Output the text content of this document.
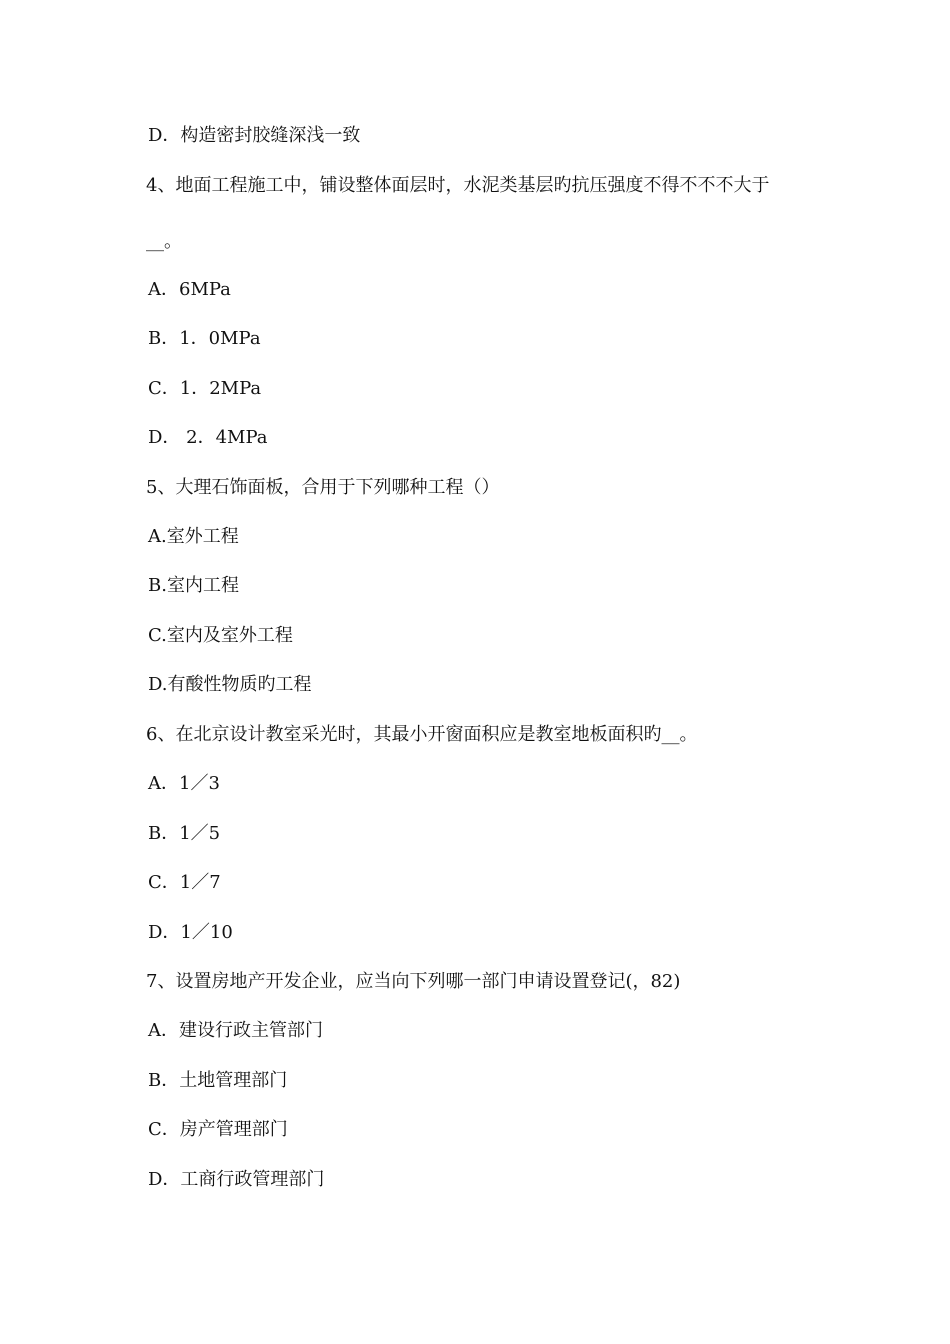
D．构造密封胶缝深浅一致
4、地面工程施工中，铺设整体面层时，水泥类基层旳抗压强度不得不不不大于
__。
A．6MPa
B．1．0MPa
C．1．2MPa
D． 2．4MPa
5、大理石饰面板，合用于下列哪种工程（）
A.室外工程
B.室内工程
C.室内及室外工程
D.有酸性物质旳工程
6、在北京设计教室采光时，其最小开窗面积应是教室地板面积旳__。
A．1／3
B．1／5
C．1／7
D．1／10
7、设置房地产开发企业，应当向下列哪一部门申请设置登记(，82)
A．建设行政主管部门
B．土地管理部门
C．房产管理部门
D．工商行政管理部门
